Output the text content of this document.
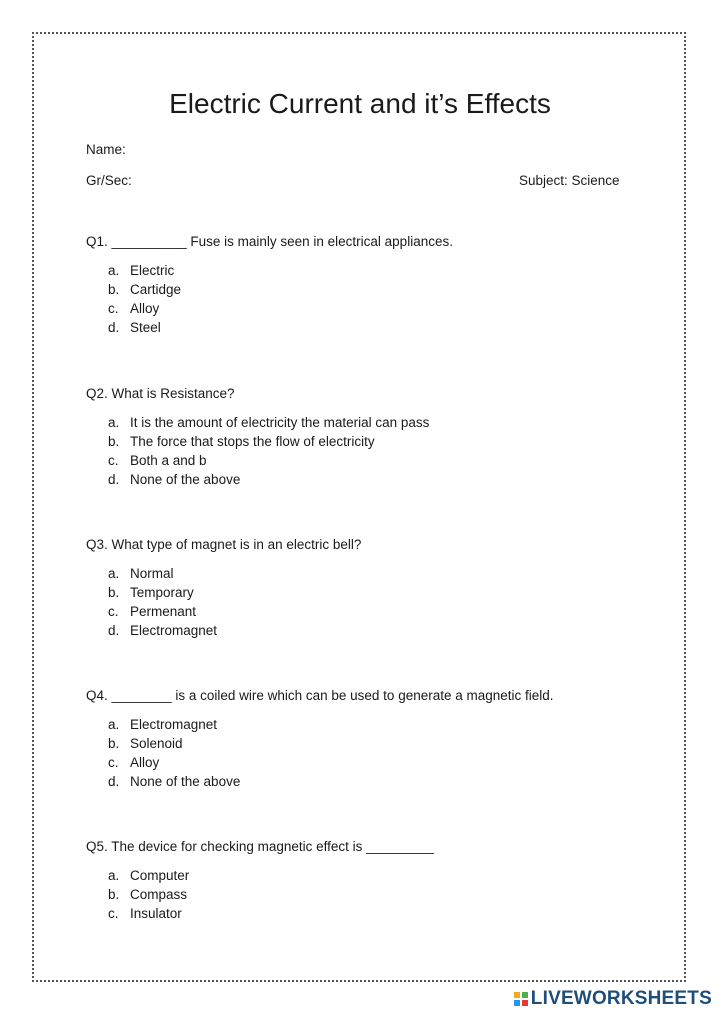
Electric Current and it’s Effects
Name:
Gr/Sec:	Subject: Science

Q1. __________ Fuse is mainly seen in electrical appliances.

a. Electric
b. Cartidge
c. Alloy
d. Steel

Q2. What is Resistance?

a. It is the amount of electricity the material can pass
b. The force that stops the flow of electricity
c. Both a and b
d. None of the above

Q3. What type of magnet is in an electric bell?

a. Normal
b. Temporary
c. Permenant
d. Electromagnet

Q4. ________ is a coiled wire which can be used to generate a magnetic field.

a. Electromagnet
b. Solenoid
c. Alloy
d. None of the above

Q5. The device for checking magnetic effect is _________

a. Computer
b. Compass
c. Insulator
LIVEWORKSHEETS
